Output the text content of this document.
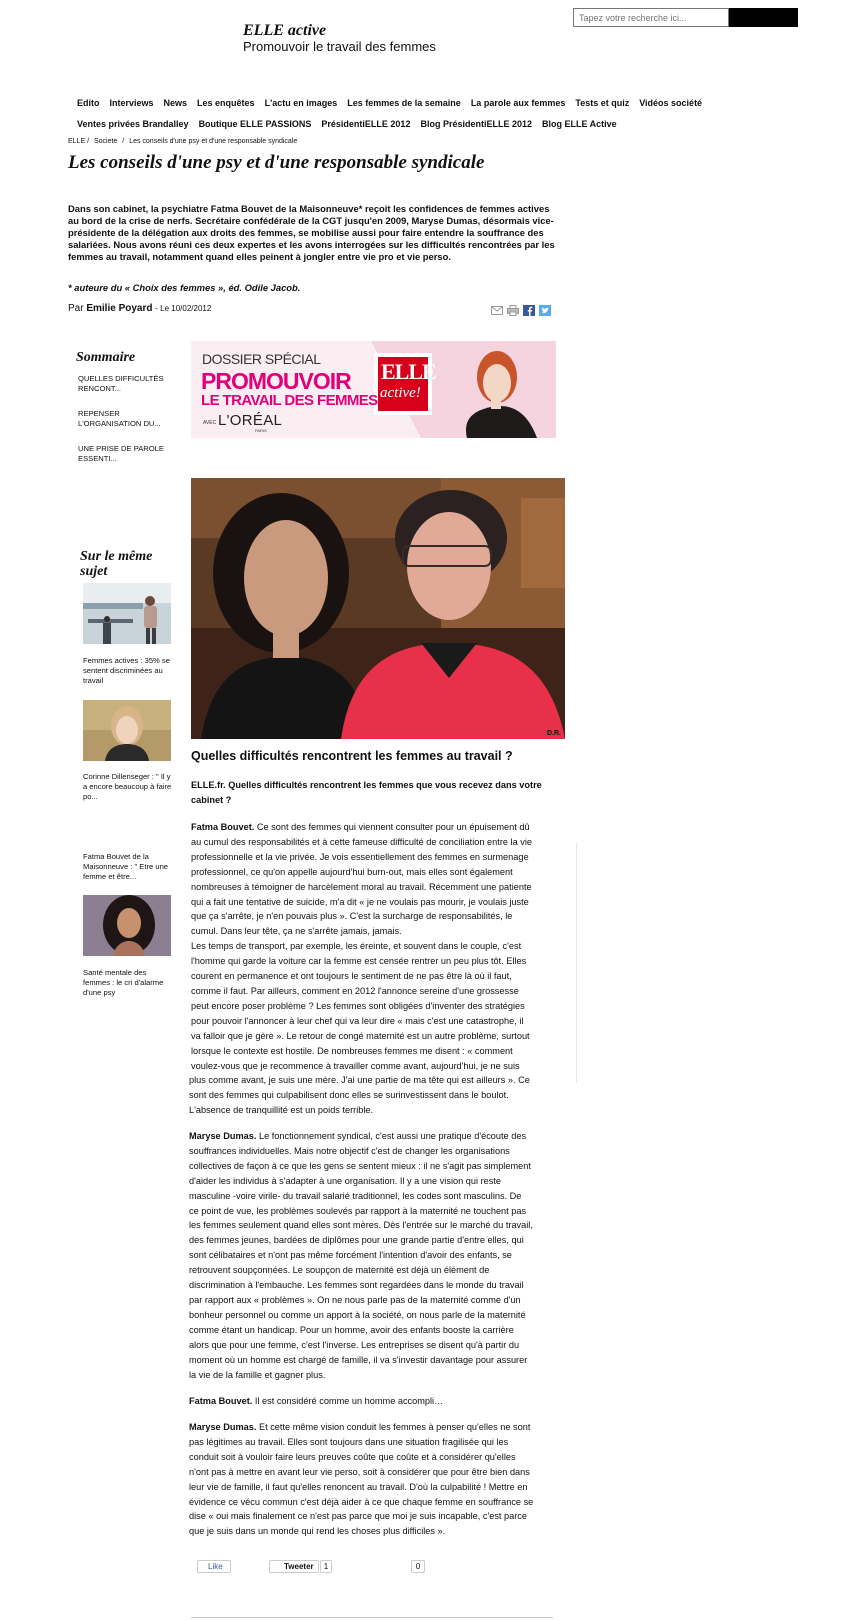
ELLE active
Promouvoir le travail des femmes
Tapez votre recherche ici...
Edito Interviews News Les enquêtes L'actu en images Les femmes de la semaine La parole aux femmes Tests et quiz Vidéos société
Ventes privées Brandalley Boutique ELLE PASSIONS PrésidentiELLE 2012 Blog PrésidentiELLE 2012 Blog ELLE Active
ELLE / Societe / Les conseils d'une psy et d'une responsable syndicale
Les conseils d'une psy et d'une responsable syndicale

Dans son cabinet, la psychiatre Fatma Bouvet de la Maisonneuve* reçoit les confidences de femmes actives au bord de la crise de nerfs. Secrétaire confédérale de la CGT jusqu'en 2009, Maryse Dumas, désormais vice-présidente de la délégation aux droits des femmes, se mobilise aussi pour faire entendre la souffrance des salariées. Nous avons réuni ces deux expertes et les avons interrogées sur les difficultés rencontrées par les femmes au travail, notamment quand elles peinent à jongler entre vie pro et vie perso.

* auteure du « Choix des femmes », éd. Odile Jacob.

Par Emilie Poyard - Le 10/02/2012
Sommaire
QUELLES DIFFICULTÉS RENCONT...
REPENSER L'ORGANISATION DU...
UNE PRISE DE PAROLE ESSENTI...
Sur le même sujet
Femmes actives : 35% se sentent discriminées au travail
Corinne Dillenseger : " Il y a encore beaucoup à faire po...
Fatma Bouvet de la Maisonneuve : " Etre une femme et être...
Santé mentale des femmes : le cri d'alarme d'une psy
DOSSIER SPÉCIAL
PROMOUVOIR
LE TRAVAIL DES FEMMES
AVEC L'ORÉAL
PARIS
ELLE
active!
D.R.
Quelles difficultés rencontrent les femmes au travail ?

ELLE.fr. Quelles difficultés rencontrent les femmes que vous recevez dans votre cabinet ?

Fatma Bouvet. Ce sont des femmes qui viennent consulter pour un épuisement dû
au cumul des responsabilités et à cette fameuse difficulté de conciliation entre la vie
professionnelle et la vie privée. Je vois essentiellement des femmes en surmenage
professionnel, ce qu'on appelle aujourd'hui burn-out, mais elles sont également
nombreuses à témoigner de harcèlement moral au travail. Récemment une patiente
qui a fait une tentative de suicide, m'a dit « je ne voulais pas mourir, je voulais juste
que ça s'arrête, je n'en pouvais plus ». C'est la surcharge de responsabilités, le
cumul. Dans leur tête, ça ne s'arrête jamais, jamais.
Les temps de transport, par exemple, les éreinte, et souvent dans le couple, c'est
l'homme qui garde la voiture car la femme est censée rentrer un peu plus tôt. Elles
courent en permanence et ont toujours le sentiment de ne pas être là où il faut,
comme il faut. Par ailleurs, comment en 2012 l'annonce sereine d'une grossesse
peut encore poser problème ? Les femmes sont obligées d'inventer des stratégies
pour pouvoir l'annoncer à leur chef qui va leur dire « mais c'est une catastrophe, il
va falloir que je gère ». Le retour de congé maternité est un autre problème, surtout
lorsque le contexte est hostile. De nombreuses femmes me disent : « comment
voulez-vous que je recommence à travailler comme avant, aujourd'hui, je ne suis
plus comme avant, je suis une mère. J'ai une partie de ma tête qui est ailleurs ». Ce
sont des femmes qui culpabilisent donc elles se surinvestissent dans le boulot.
L'absence de tranquillité est un poids terrible.
Maryse Dumas. Le fonctionnement syndical, c'est aussi une pratique d'écoute des
souffrances individuelles. Mais notre objectif c'est de changer les organisations
collectives de façon à ce que les gens se sentent mieux : il ne s'agit pas simplement
d'aider les individus à s'adapter à une organisation. Il y a une vision qui reste
masculine -voire virile- du travail salarié traditionnel, les codes sont masculins. De
ce point de vue, les problèmes soulevés par rapport à la maternité ne touchent pas
les femmes seulement quand elles sont mères. Dès l'entrée sur le marché du travail,
des femmes jeunes, bardées de diplômes pour une grande partie d'entre elles, qui
sont célibataires et n'ont pas même forcément l'intention d'avoir des enfants, se
retrouvent soupçonnées. Le soupçon de maternité est déjà un élément de
discrimination à l'embauche. Les femmes sont regardées dans le monde du travail
par rapport aux « problèmes ». On ne nous parle pas de la maternité comme d'un
bonheur personnel ou comme un apport à la société, on nous parle de la maternité
comme étant un handicap. Pour un homme, avoir des enfants booste la carrière
alors que pour une femme, c'est l'inverse. Les entreprises se disent qu'à partir du
moment où un homme est chargé de famille, il va s'investir davantage pour assurer
la vie de la famille et gagner plus.
Fatma Bouvet. Il est considéré comme un homme accompli…
Maryse Dumas. Et cette même vision conduit les femmes à penser qu'elles ne sont
pas légitimes au travail. Elles sont toujours dans une situation fragilisée qui les
conduit soit à vouloir faire leurs preuves coûte que coûte et à considérer qu'elles
n'ont pas à mettre en avant leur vie perso, soit à considérer que pour être bien dans
leur vie de famille, il faut qu'elles renoncent au travail. D'où la culpabilité ! Mettre en
évidence ce vécu commun c'est déjà aider à ce que chaque femme en souffrance se
dise « oui mais finalement ce n'est pas parce que moi je suis incapable, c'est parce
que je suis dans un monde qui rend les choses plus difficiles ».
Like	Tweeter	1	0
